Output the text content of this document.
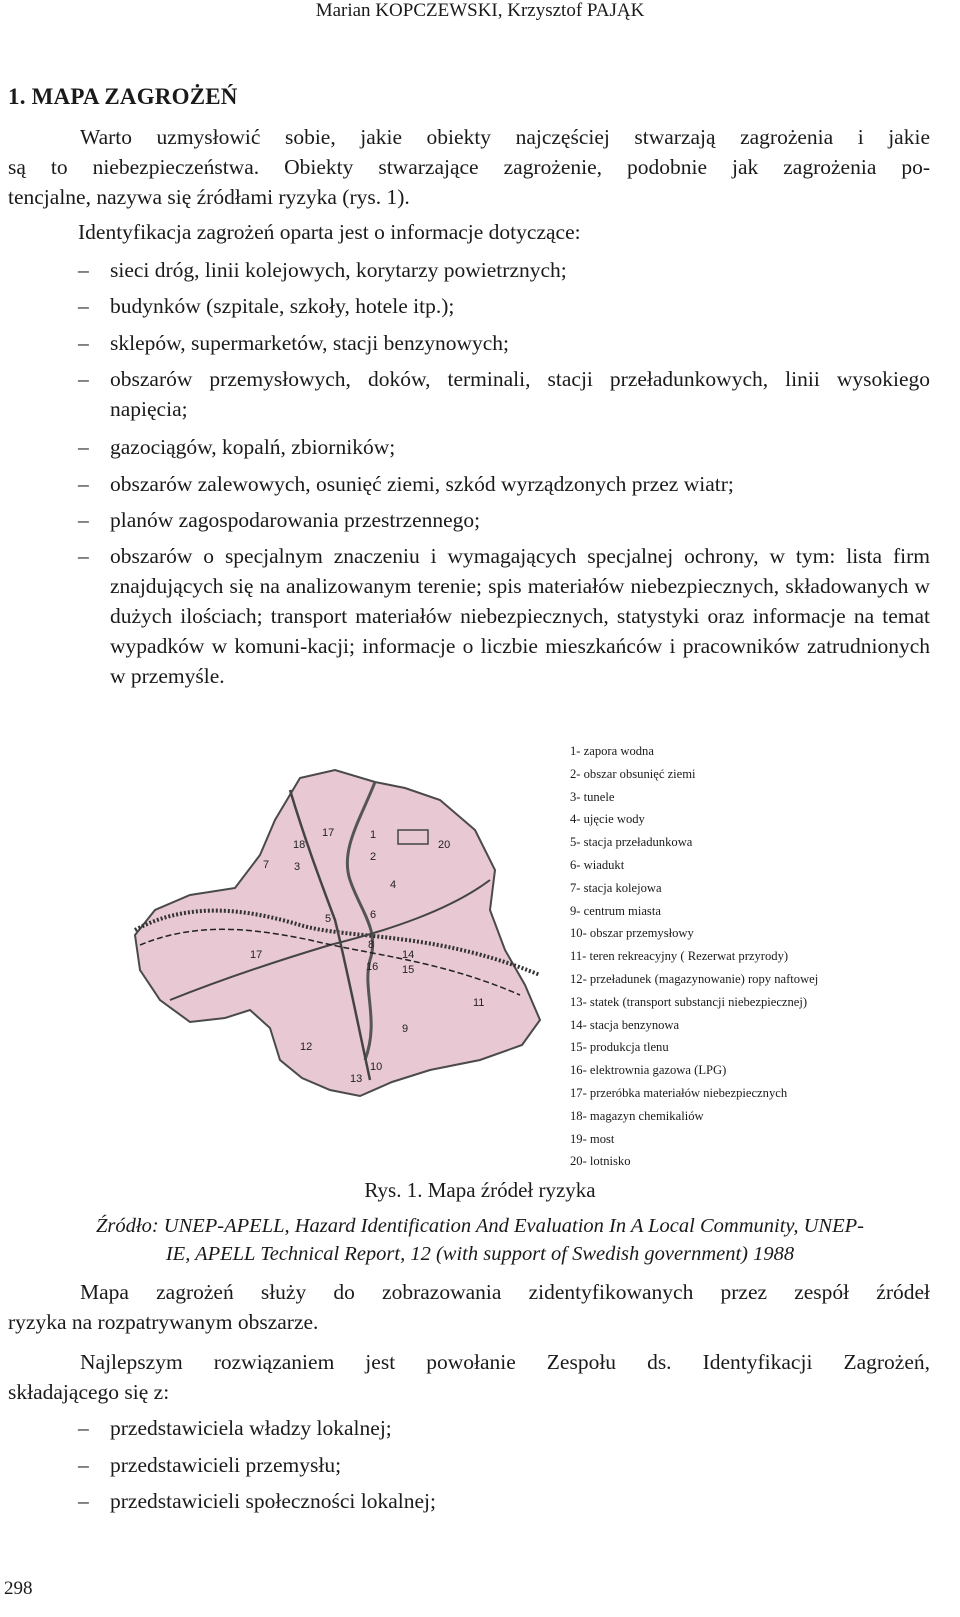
Marian KOPCZEWSKI, Krzysztof PAJĄK
1. MAPA ZAGROŻEŃ
Warto uzmysłowić sobie, jakie obiekty najczęściej stwarzają zagrożenia i jakie
są to niebezpieczeństwa. Obiekty stwarzające zagrożenie, podobnie jak zagrożenia po-
tencjalne, nazywa się źródłami ryzyka (rys. 1).
Identyfikacja zagrożeń oparta jest o informacje dotyczące:
– sieci dróg, linii kolejowych, korytarzy powietrznych;
– budynków (szpitale, szkoły, hotele itp.);
– sklepów, supermarketów, stacji benzynowych;
– obszarów przemysłowych, doków, terminali, stacji przeładunkowych, linii wysokiego napięcia;
– gazociągów, kopalń, zbiorników;
– obszarów zalewowych, osunięć ziemi, szkód wyrządzonych przez wiatr;
– planów zagospodarowania przestrzennego;
– obszarów o specjalnym znaczeniu i wymagających specjalnej ochrony, w tym: lista firm znajdujących się na analizowanym terenie; spis materiałów niebezpiecznych, składowanych w dużych ilościach; transport materiałów niebezpiecznych, statystyki oraz informacje na temat wypadków w komuni-kacji; informacje o liczbie mieszkańców i pracowników zatrudnionych w przemyśle.
1
2
3
4
5	6
7
8
9
10
11
12
13
14
15
16
17
17
18	20
1- zapora wodna
2- obszar obsunięć ziemi
3- tunele
4- ujęcie wody
5- stacja przeładunkowa
6- wiadukt
7- stacja kolejowa
9- centrum miasta
10- obszar przemysłowy
11- teren rekreacyjny ( Rezerwat przyrody)
12- przeładunek (magazynowanie) ropy naftowej
13- statek (transport substancji niebezpiecznej)
14- stacja benzynowa
15- produkcja tlenu
16- elektrownia gazowa (LPG)
17- przeróbka materiałów niebezpiecznych
18- magazyn chemikaliów
19- most
20- lotnisko
Rys. 1. Mapa źródeł ryzyka
Źródło: UNEP-APELL, Hazard Identification And Evaluation In A Local Community, UNEP-
IE, APELL Technical Report, 12 (with support of Swedish government) 1988
Mapa zagrożeń służy do zobrazowania zidentyfikowanych przez zespół źródeł
ryzyka na rozpatrywanym obszarze.
Najlepszym rozwiązaniem jest powołanie Zespołu ds. Identyfikacji Zagrożeń,
składającego się z:
– przedstawiciela władzy lokalnej;
– przedstawicieli przemysłu;
– przedstawicieli społeczności lokalnej;
298
